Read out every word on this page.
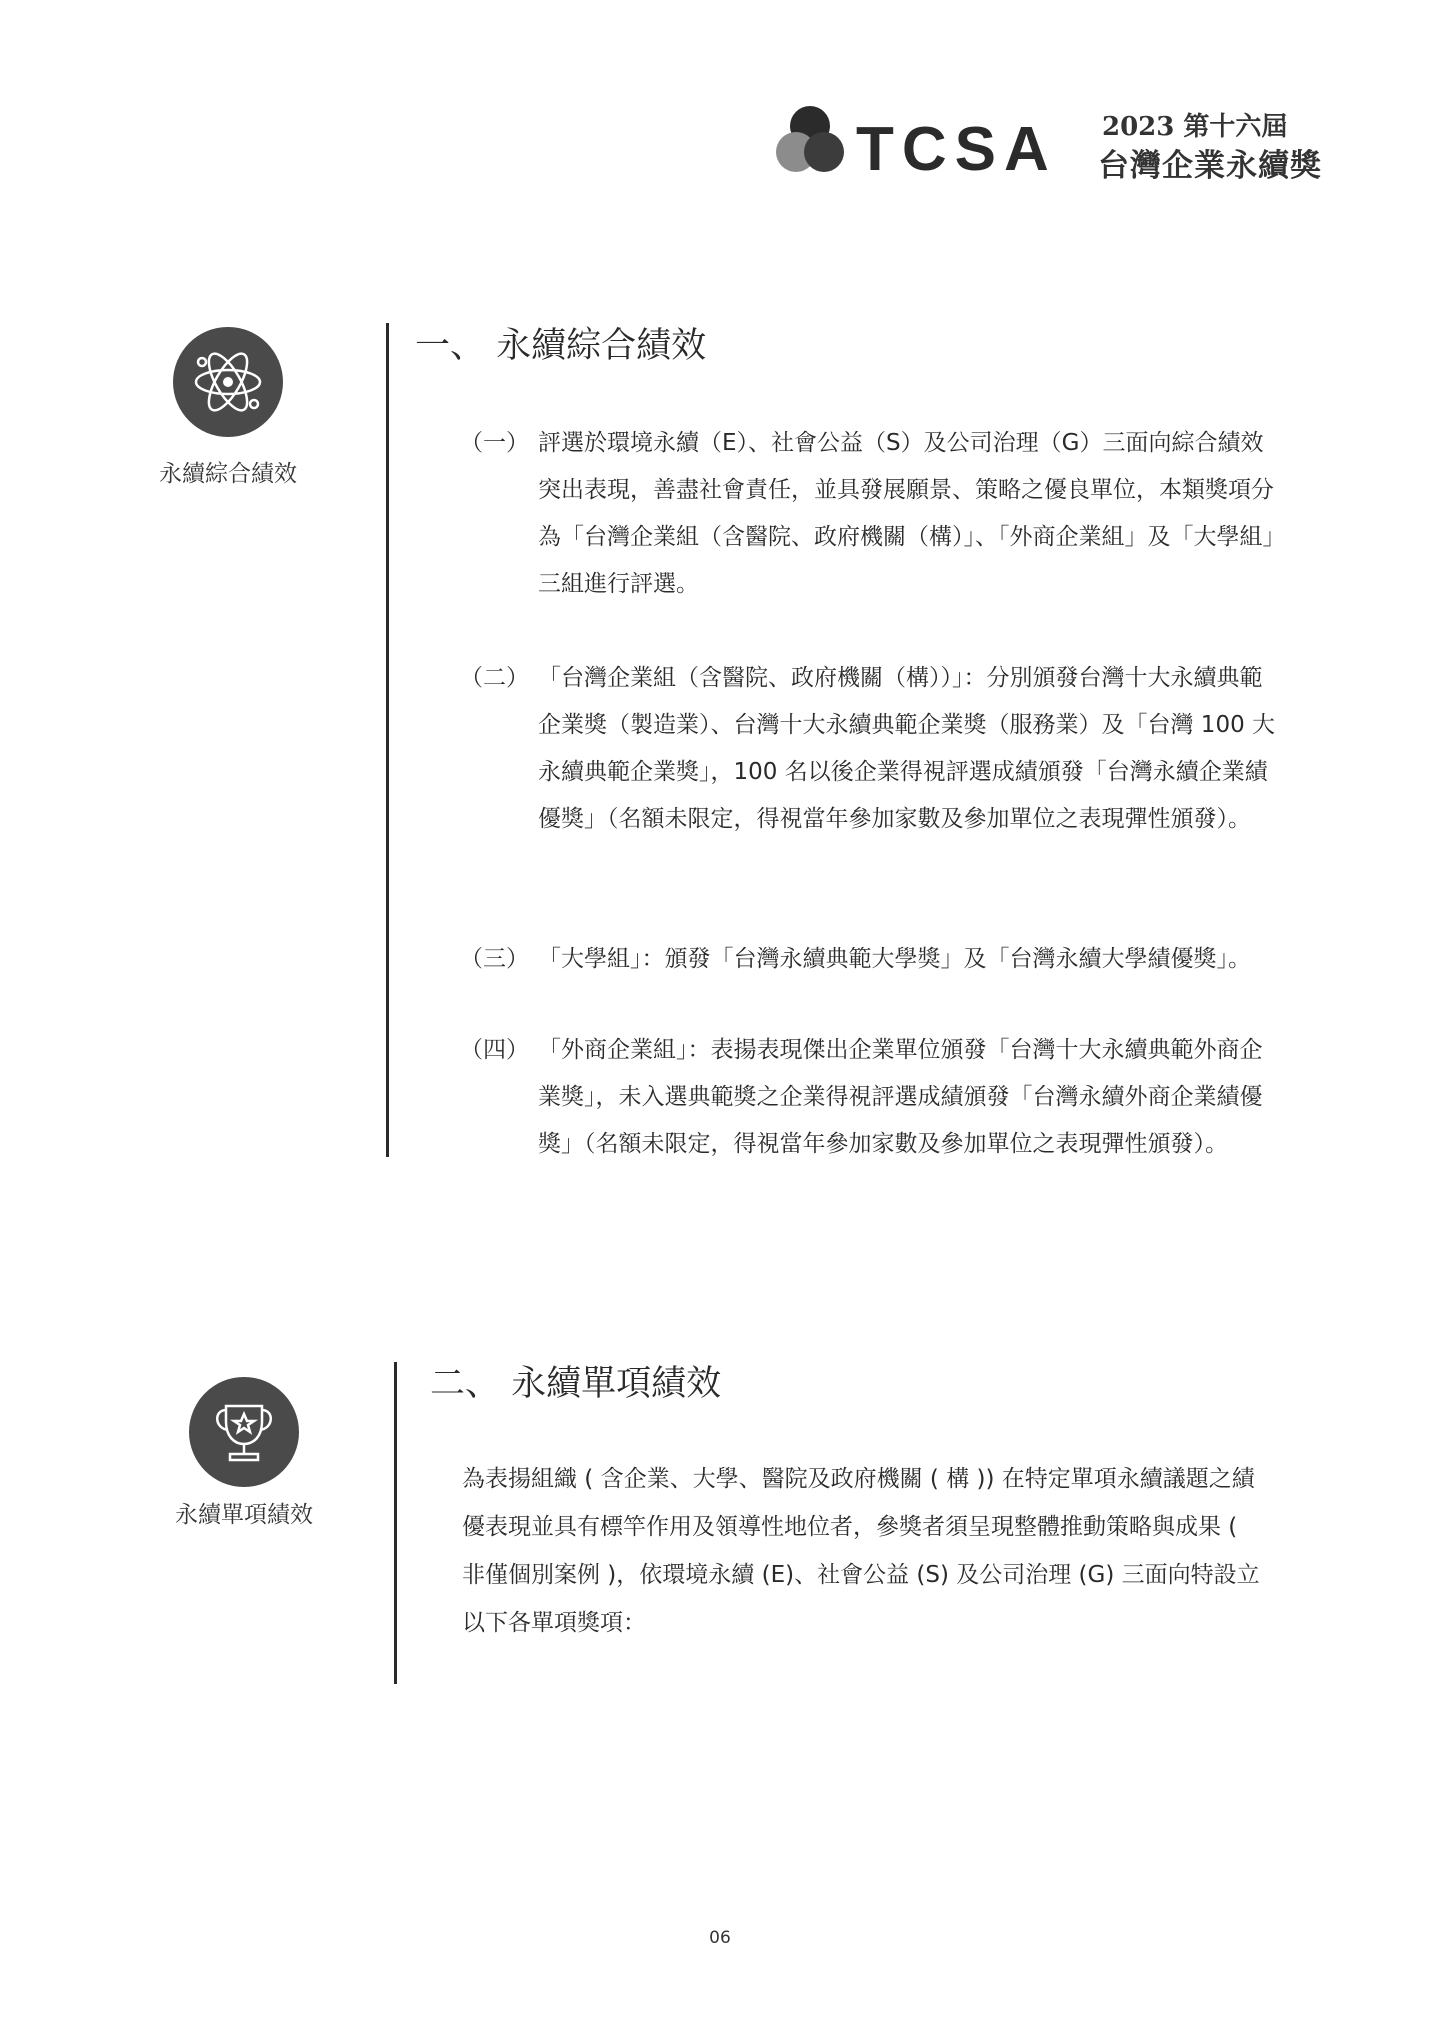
TCSA 2023 第十六屆
台灣企業永續獎
永續綜合績效
一、 永續綜合績效
（一） 評選於環境永續（E）、社會公益（S）及公司治理（G）三面向綜合績效突出表現，善盡社會責任，並具發展願景、策略之優良單位，本類獎項分為「台灣企業組（含醫院、政府機關（構）」、「外商企業組」及「大學組」三組進行評選。
（二） 「台灣企業組（含醫院、政府機關（構））」：分別頒發台灣十大永續典範企業獎（製造業）、台灣十大永續典範企業獎（服務業）及「台灣 100 大永續典範企業獎」，100 名以後企業得視評選成績頒發「台灣永續企業績優獎」（名額未限定，得視當年參加家數及參加單位之表現彈性頒發）。
（三） 「大學組」：頒發「台灣永續典範大學獎」及「台灣永續大學績優獎」。
（四） 「外商企業組」：表揚表現傑出企業單位頒發「台灣十大永續典範外商企業獎」，未入選典範獎之企業得視評選成績頒發「台灣永續外商企業績優獎」（名額未限定，得視當年參加家數及參加單位之表現彈性頒發）。
永續單項績效
二、 永續單項績效
為表揚組織 ( 含企業、大學、醫院及政府機關 ( 構 )) 在特定單項永續議題之績優表現並具有標竿作用及領導性地位者，參獎者須呈現整體推動策略與成果 ( 非僅個別案例 )，依環境永續 (E)、社會公益 (S) 及公司治理 (G) 三面向特設立以下各單項獎項：
06
